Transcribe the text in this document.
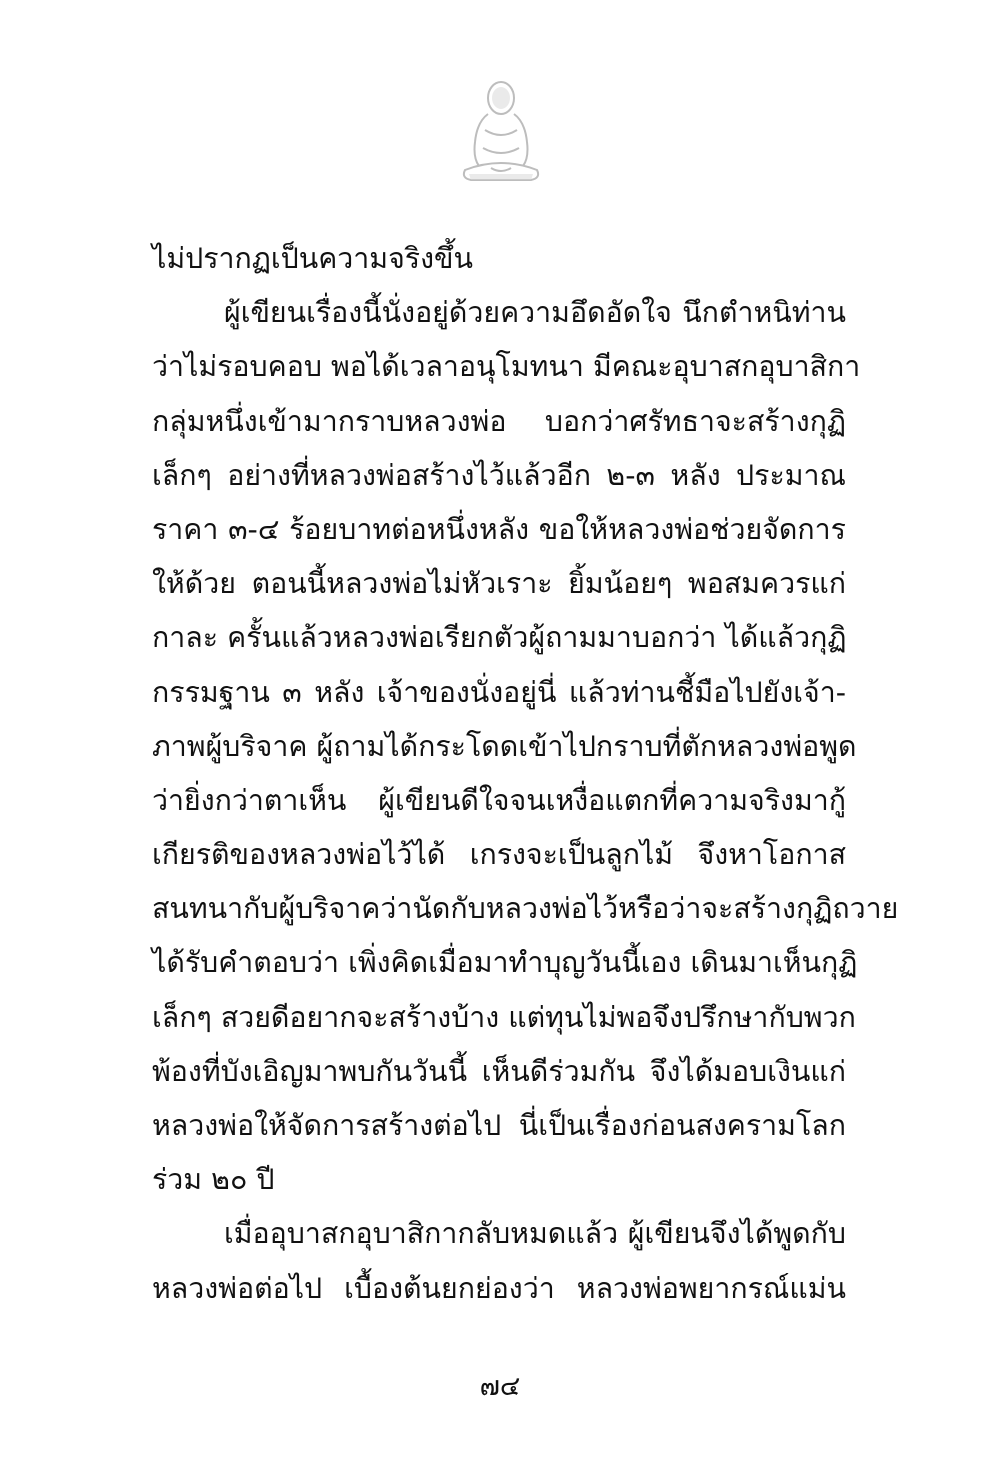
ไม่ปรากฏเป็นความจริงขึ้น
ผู้เขียนเรื่องนี้นั่งอยู่ด้วยความอึดอัดใจ นึกตำหนิท่าน
ว่าไม่รอบคอบ พอได้เวลาอนุโมทนา มีคณะอุบาสกอุบาสิกา
กลุ่มหนึ่งเข้ามากราบหลวงพ่อ บอกว่าศรัทธาจะสร้างกุฏิ
เล็กๆ อย่างที่หลวงพ่อสร้างไว้แล้วอีก ๒-๓ หลัง ประมาณ
ราคา ๓-๔ ร้อยบาทต่อหนึ่งหลัง ขอให้หลวงพ่อช่วยจัดการ
ให้ด้วย ตอนนี้หลวงพ่อไม่หัวเราะ ยิ้มน้อยๆ พอสมควรแก่
กาละ ครั้นแล้วหลวงพ่อเรียกตัวผู้ถามมาบอกว่า ได้แล้วกุฏิ
กรรมฐาน ๓ หลัง เจ้าของนั่งอยู่นี่ แล้วท่านชี้มือไปยังเจ้า-
ภาพผู้บริจาค ผู้ถามได้กระโดดเข้าไปกราบที่ตักหลวงพ่อพูด
ว่ายิ่งกว่าตาเห็น ผู้เขียนดีใจจนเหงื่อแตกที่ความจริงมากู้
เกียรติของหลวงพ่อไว้ได้ เกรงจะเป็นลูกไม้ จึงหาโอกาส
สนทนากับผู้บริจาคว่านัดกับหลวงพ่อไว้หรือว่าจะสร้างกุฏิถวาย
ได้รับคำตอบว่า เพิ่งคิดเมื่อมาทำบุญวันนี้เอง เดินมาเห็นกุฏิ
เล็กๆ สวยดีอยากจะสร้างบ้าง แต่ทุนไม่พอจึงปรึกษากับพวก
พ้องที่บังเอิญมาพบกันวันนี้ เห็นดีร่วมกัน จึงได้มอบเงินแก่
หลวงพ่อให้จัดการสร้างต่อไป นี่เป็นเรื่องก่อนสงครามโลก
ร่วม ๒๐ ปี
เมื่ออุบาสกอุบาสิกากลับหมดแล้ว ผู้เขียนจึงได้พูดกับ
หลวงพ่อต่อไป เบื้องต้นยกย่องว่า หลวงพ่อพยากรณ์แม่น
๗๔
